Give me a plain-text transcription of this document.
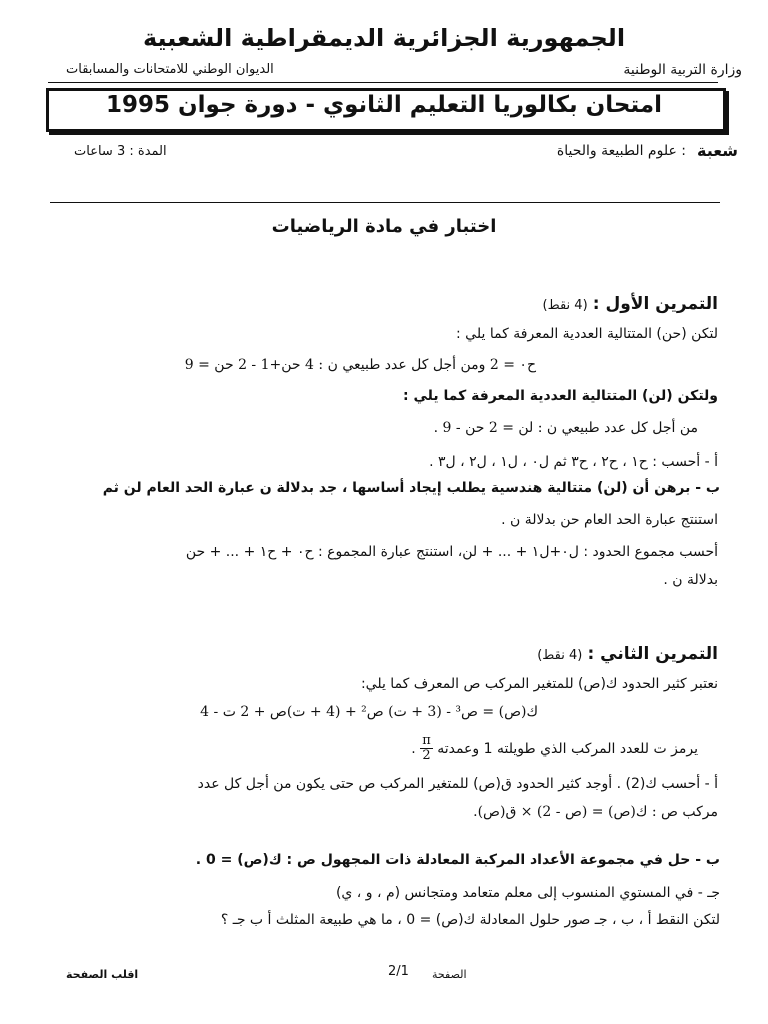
الجمهورية الجزائرية الديمقراطية الشعبية
وزارة التربية الوطنية
الديوان الوطني للامتحانات والمسابقات
امتحان بكالوريا التعليم الثانوي - دورة جوان 1995
شعبة
: علوم الطبيعة والحياة
المدة : 3 ساعات
اختبار في مادة الرياضيات
التمرين الأول : (4 نقط)
لتكن (حن) المتتالية العددية المعرفة كما يلي :
ح٠ = 2 ومن أجل كل عدد طبيعي ن : 4 حن+1 - 2 حن = 9
ولتكن (لن) المتتالية العددية المعرفة كما يلي :
من أجل كل عدد طبيعي ن : لن = 2 حن - 9 .
أ - أحسب : ح١ ، ح٢ ، ح٣ ثم ل٠ ، ل١ ، ل٢ ، ل٣ .
ب - برهن أن (لن) متتالية هندسية يطلب إيجاد أساسها ، جد بدلالة ن عبارة الحد العام لن ثم
استنتج عبارة الحد العام حن بدلالة ن .
أحسب مجموع الحدود : ل٠+ل١ + ... + لن، استنتج عبارة المجموع : ح٠ + ح١ + ... + حن
بدلالة ن .
التمرين الثاني : (4 نقط)
نعتبر كثير الحدود ك(ص) للمتغير المركب ص المعرف كما يلي:
ك(ص) = ص³ - (3 + ت) ص² + (4 + ت)ص + 2 ت - 4
يرمز ت للعدد المركب الذي طويلته 1 وعمدته
$\frac{\pi}{2}$
.
أ - أحسب ك(2) . أوجد كثير الحدود ق(ص) للمتغير المركب ص حتى يكون من أجل كل عدد
مركب ص : ك(ص) = (ص - 2) × ق(ص).
ب - حل في مجموعة الأعداد المركبة المعادلة ذات المجهول ص : ك(ص) = 0 .
جـ - في المستوي المنسوب إلى معلم متعامد ومتجانس (م ، و ، ي)
لتكن النقط أ ، ب ، جـ صور حلول المعادلة ك(ص) = 0 ، ما هي طبيعة المثلث أ ب جـ ؟
الصفحة
2/1
اقلب الصفحة
